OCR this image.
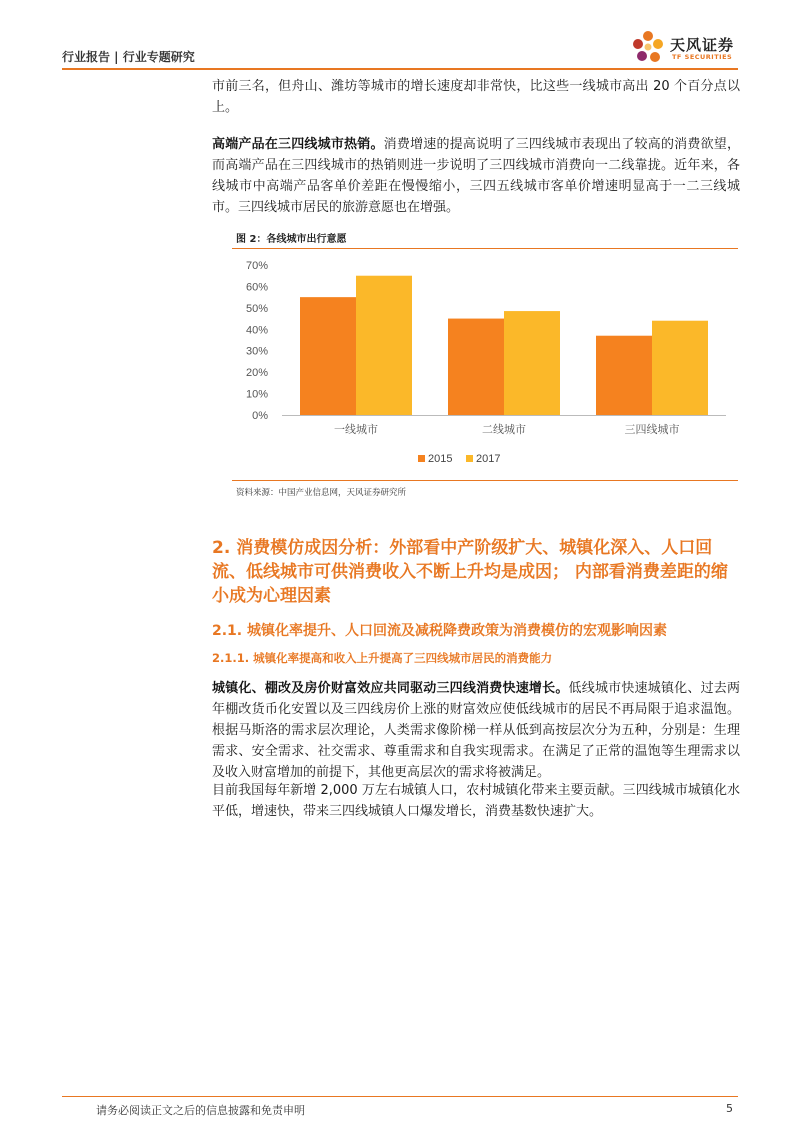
行业报告 | 行业专题研究
天风证券
TF SECURITIES

市前三名，但舟山、潍坊等城市的增长速度却非常快，比这些一线城市高出 20 个百分点以上。

高端产品在三四线城市热销。消费增速的提高说明了三四线城市表现出了较高的消费欲望，而高端产品在三四线城市的热销则进一步说明了三四线城市消费向一二线靠拢。近年来，各线城市中高端产品客单价差距在慢慢缩小，三四五线城市客单价增速明显高于一二三线城市。三四线城市居民的旅游意愿也在增强。

图 2：各线城市出行意愿
0%
10%
20%
30%
40%
50%
60%
70%
一线城市	二线城市	三四线城市
2015 2017
资料来源：中国产业信息网，天风证券研究所
2. 消费模仿成因分析：外部看中产阶级扩大、城镇化深入、人口回流、低线城市可供消费收入不断上升均是成因； 内部看消费差距的缩小成为心理因素
2.1. 城镇化率提升、人口回流及减税降费政策为消费模仿的宏观影响因素
2.1.1. 城镇化率提高和收入上升提高了三四线城市居民的消费能力

城镇化、棚改及房价财富效应共同驱动三四线消费快速增长。低线城市快速城镇化、过去两年棚改货币化安置以及三四线房价上涨的财富效应使低线城市的居民不再局限于追求温饱。根据马斯洛的需求层次理论，人类需求像阶梯一样从低到高按层次分为五种，分别是：生理需求、安全需求、社交需求、尊重需求和自我实现需求。在满足了正常的温饱等生理需求以及收入财富增加的前提下，其他更高层次的需求将被满足。

目前我国每年新增 2,000 万左右城镇人口，农村城镇化带来主要贡献。三四线城市城镇化水平低，增速快，带来三四线城镇人口爆发增长，消费基数快速扩大。

请务必阅读正文之后的信息披露和免责申明	5
